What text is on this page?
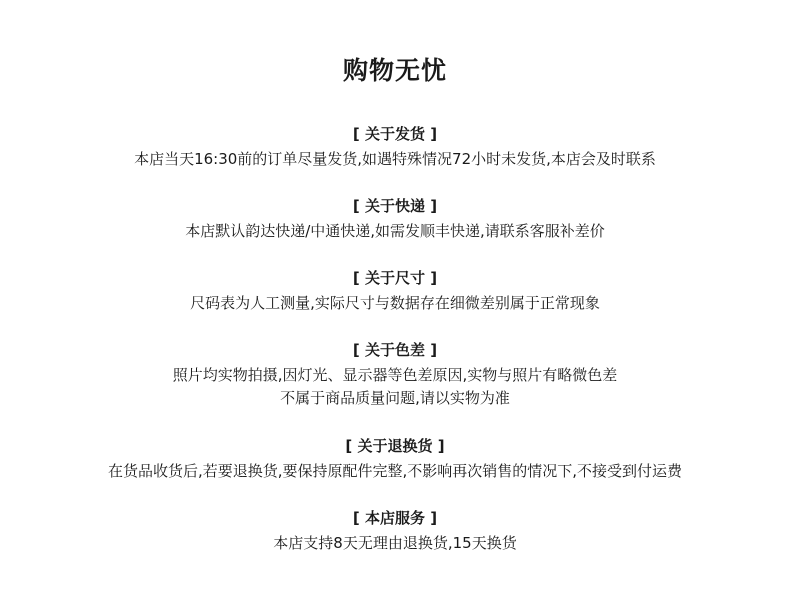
购物无忧
[ 关于发货 ]
本店当天16:30前的订单尽量发货,如遇特殊情况72小时未发货,本店会及时联系
[ 关于快递 ]
本店默认韵达快递/中通快递,如需发顺丰快递,请联系客服补差价
[ 关于尺寸 ]
尺码表为人工测量,实际尺寸与数据存在细微差别属于正常现象
[ 关于色差 ]
照片均实物拍摄,因灯光、显示器等色差原因,实物与照片有略微色差
不属于商品质量问题,请以实物为准
[ 关于退换货 ]
在货品收货后,若要退换货,要保持原配件完整,不影响再次销售的情况下,不接受到付运费
[ 本店服务 ]
本店支持8天无理由退换货,15天换货
